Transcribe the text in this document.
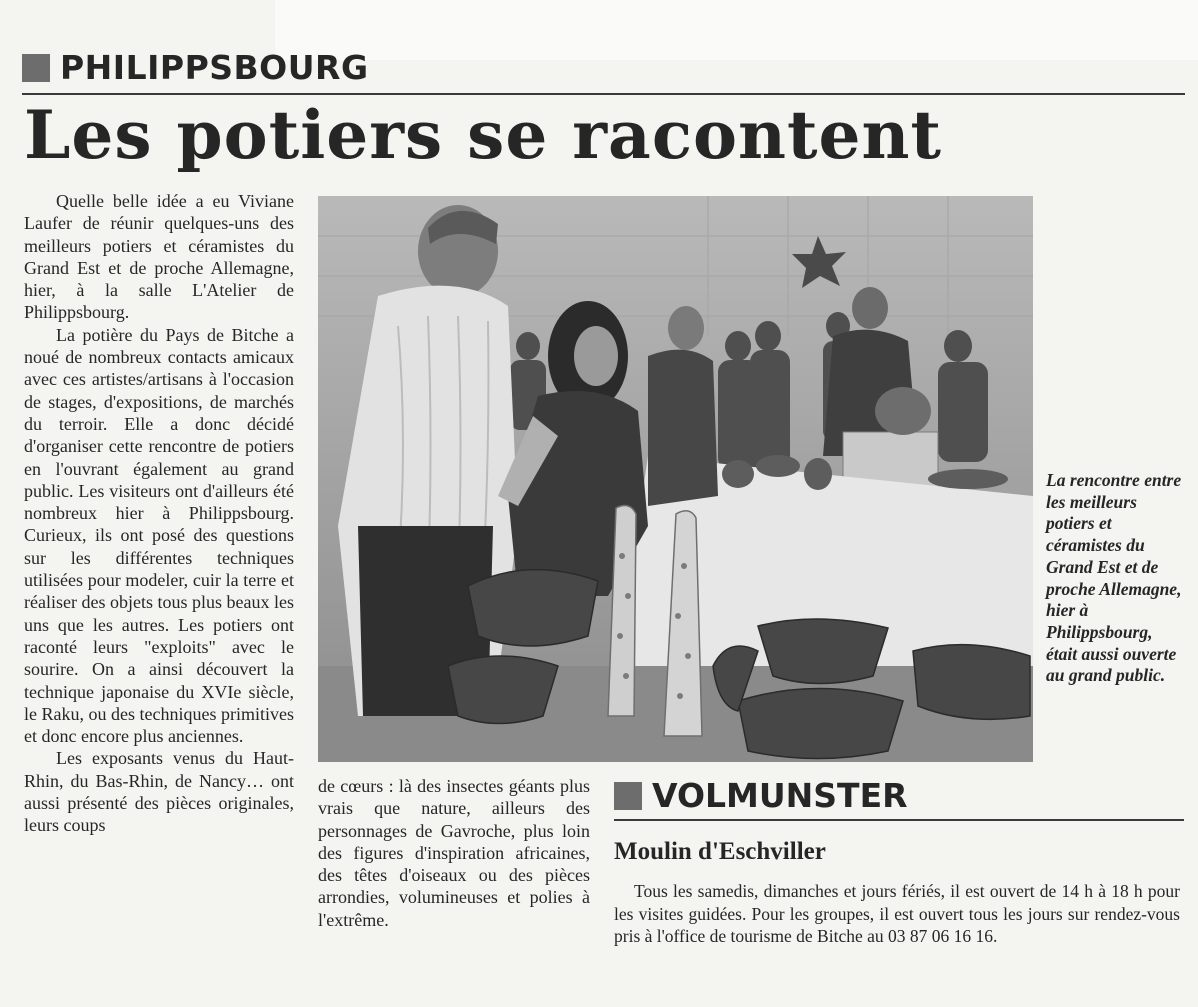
PHILIPPSBOURG
Les potiers se racontent

Quelle belle idée a eu Viviane Laufer de réunir quelques-uns des meilleurs potiers et céramistes du Grand Est et de proche Allemagne, hier, à la salle L'Atelier de Philippsbourg.

La potière du Pays de Bitche a noué de nombreux contacts amicaux avec ces artistes/artisans à l'occasion de stages, d'expositions, de marchés du terroir. Elle a donc décidé d'organiser cette rencontre de potiers en l'ouvrant également au grand public. Les visiteurs ont d'ailleurs été nombreux hier à Philippsbourg. Curieux, ils ont posé des questions sur les différentes techniques utilisées pour modeler, cuir la terre et réaliser des objets tous plus beaux les uns que les autres. Les potiers ont raconté leurs "exploits" avec le sourire. On a ainsi découvert la technique japonaise du XVIe siècle, le Raku, ou des techniques primitives et donc encore plus anciennes.

Les exposants venus du Haut-Rhin, du Bas-Rhin, de Nancy… ont aussi présenté des pièces originales, leurs coups

La rencontre entre les meilleurs potiers et céramistes du Grand Est et de proche Allemagne, hier à Philippsbourg, était aussi ouverte au grand public.

de cœurs : là des insectes géants plus vrais que nature, ailleurs des personnages de Gavroche, plus loin des figures d'inspiration africaines, des têtes d'oiseaux ou des pièces arrondies, volumineuses et polies à l'extrême.

VOLMUNSTER
Moulin d'Eschviller

Tous les samedis, dimanches et jours fériés, il est ouvert de 14 h à 18 h pour les visites guidées. Pour les groupes, il est ouvert tous les jours sur rendez-vous pris à l'office de tourisme de Bitche au 03 87 06 16 16.
